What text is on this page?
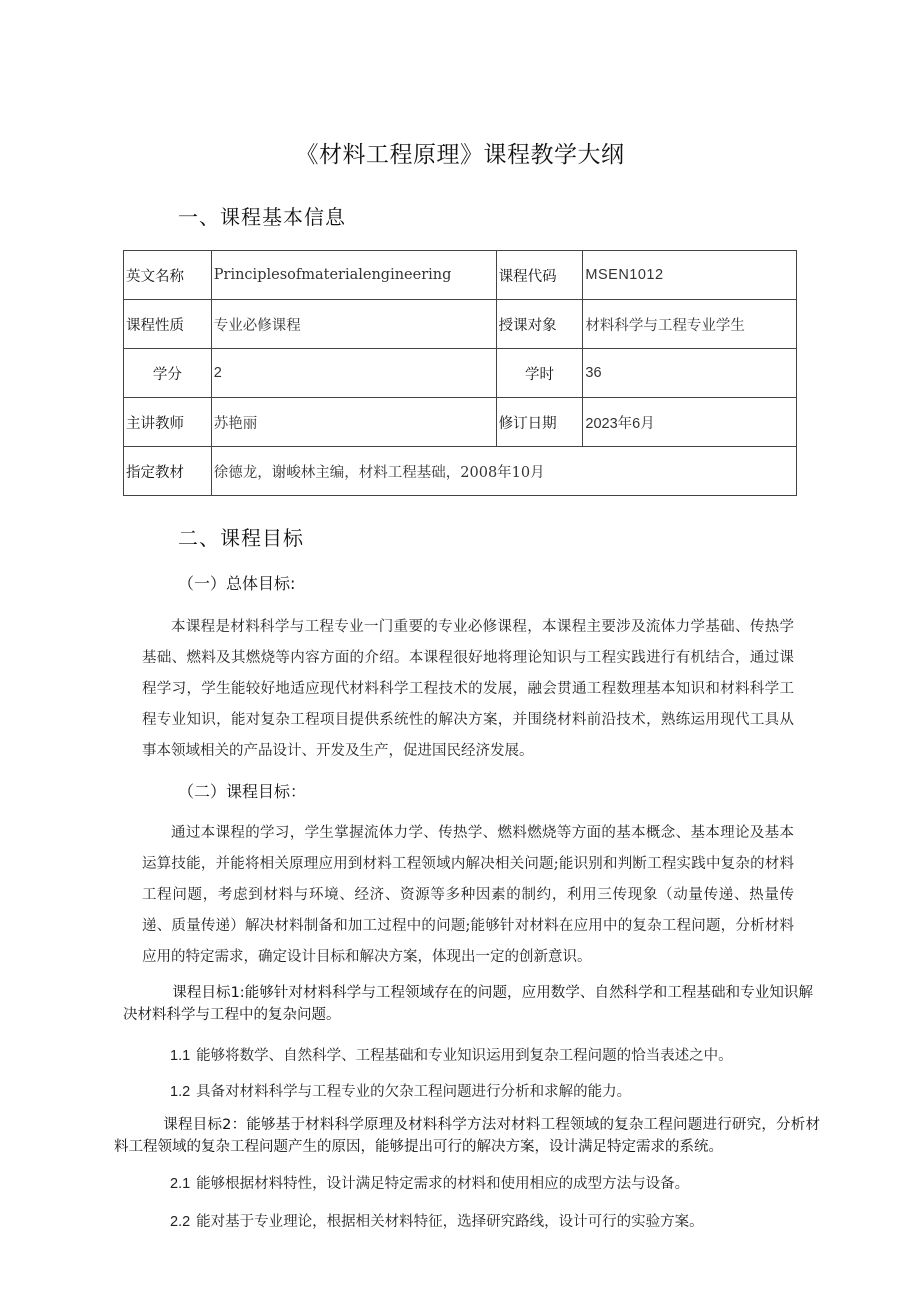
《材料工程原理》课程教学大纲
一、课程基本信息
英文名称	Principlesofmaterialengineering	课程代码	MSEN1012
课程性质	专业必修课程	授课对象	材料科学与工程专业学生
学分	2	学时	36
主讲教师	苏艳丽	修订日期	2023年6月
指定教材	徐德龙，谢峻林主编，材料工程基础，2008年10月		
二、课程目标
（一）总体目标:

本课程是材料科学与工程专业一门重要的专业必修课程，本课程主要涉及流体力学基础、传热学基础、燃料及其燃烧等内容方面的介绍。本课程很好地将理论知识与工程实践进行有机结合，通过课程学习，学生能较好地适应现代材料科学工程技术的发展，融会贯通工程数理基本知识和材料科学工程专业知识，能对复杂工程项目提供系统性的解决方案，并围绕材料前沿技术，熟练运用现代工具从事本领域相关的产品设计、开发及生产，促进国民经济发展。

（二）课程目标：

通过本课程的学习，学生掌握流体力学、传热学、燃料燃烧等方面的基本概念、基本理论及基本运算技能，并能将相关原理应用到材料工程领域内解决相关问题;能识别和判断工程实践中复杂的材料工程问题，考虑到材料与环境、经济、资源等多种因素的制约，利用三传现象（动量传递、热量传递、质量传递）解决材料制备和加工过程中的问题;能够针对材料在应用中的复杂工程问题，分析材料应用的特定需求，确定设计目标和解决方案，体现出一定的创新意识。

课程目标1:能够针对材料科学与工程领域存在的问题，应用数学、自然科学和工程基础和专业知识解决材料科学与工程中的复杂问题。

1.1 能够将数学、自然科学、工程基础和专业知识运用到复杂工程问题的恰当表述之中。
1.2 具备对材料科学与工程专业的欠杂工程问题进行分析和求解的能力。

课程目标2：能够基于材料科学原理及材料科学方法对材料工程领域的复杂工程问题进行研究，分析材料工程领域的复杂工程问题产生的原因，能够提出可行的解决方案，设计满足特定需求的系统。

2.1 能够根据材料特性，设计满足特定需求的材料和使用相应的成型方法与设备。
2.2 能对基于专业理论，根据相关材料特征，选择研究路线，设计可行的实验方案。
